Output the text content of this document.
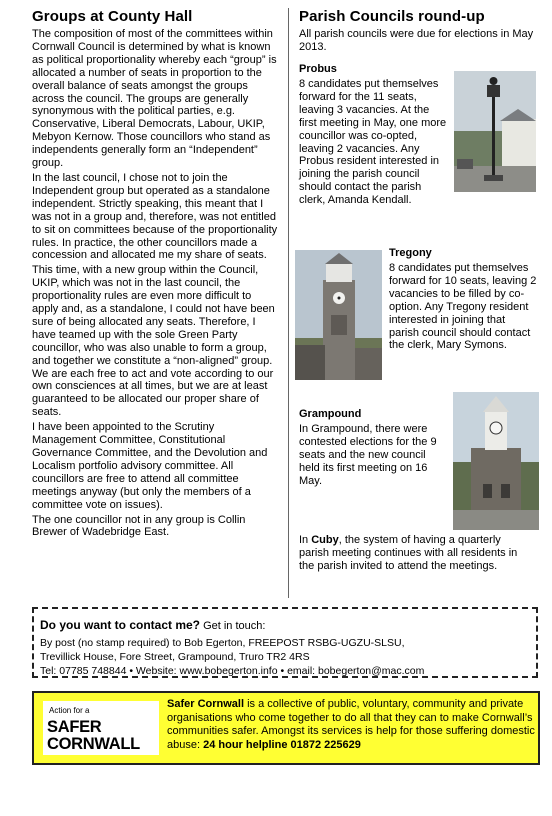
Groups at County Hall

The composition of most of the committees within Cornwall Council is determined by what is known as political proportionality whereby each “group” is allocated a number of seats in proportion to the overall balance of seats amongst the groups across the council. The groups are generally synonymous with the political parties, e.g. Conservative, Liberal Democrats, Labour, UKIP, Mebyon Kernow. Those councillors who stand as independents generally form an “Independent” group.

In the last council, I chose not to join the Independent group but operated as a standalone independent. Strictly speaking, this meant that I was not in a group and, therefore, was not entitled to sit on committees because of the proportionality rules. In practice, the other councillors made a concession and allocated me my share of seats.

This time, with a new group within the Council, UKIP, which was not in the last council, the proportionality rules are even more difficult to apply and, as a standalone, I could not have been sure of being allocated any seats. Therefore, I have teamed up with the sole Green Party councillor, who was also unable to form a group, and together we constitute a “non-aligned” group. We are each free to act and vote according to our own consciences at all times, but we are at least guaranteed to be allocated our proper share of seats.

I have been appointed to the Scrutiny Management Committee, Constitutional Governance Committee, and the Devolution and Localism portfolio advisory committee. All councillors are free to attend all committee meetings anyway (but only the members of a committee vote on issues).

The one councillor not in any group is Collin Brewer of Wadebridge East.

Parish Councils round-up

All parish councils were due for elections in May 2013.

Probus

8 candidates put themselves forward for the 11 seats, leaving 3 vacancies. At the first meeting in May, one more councillor was co-opted, leaving 2 vacancies. Any Probus resident interested in joining the parish council should contact the parish clerk, Amanda Kendall.

Tregony

8 candidates put themselves forward for 10 seats, leaving 2 vacancies to be filled by co-option. Any Tregony resident interested in joining that parish council should contact the clerk, Mary Symons.

Grampound

In Grampound, there were contested elections for the 9 seats and the new council held its first meeting on 16 May.

In Cuby, the system of having a quarterly parish meeting continues with all residents in the parish invited to attend the meetings.

Do you want to contact me? Get in touch:
By post (no stamp required) to Bob Egerton, FREEPOST RSBG-UGZU-SLSU,
Trevillick House, Fore Street, Grampound, Truro TR2 4RS
Tel: 07785 748844 • Website: www.bobegerton.info • email: bobegerton@mac.com
Action for a
SAFER
CORNWALL
Safer Cornwall is a collective of public, voluntary, community and private organisations who come together to do all that they can to make Cornwall’s communities safer. Amongst its services is help for those suffering domestic abuse: 24 hour helpline 01872 225629
